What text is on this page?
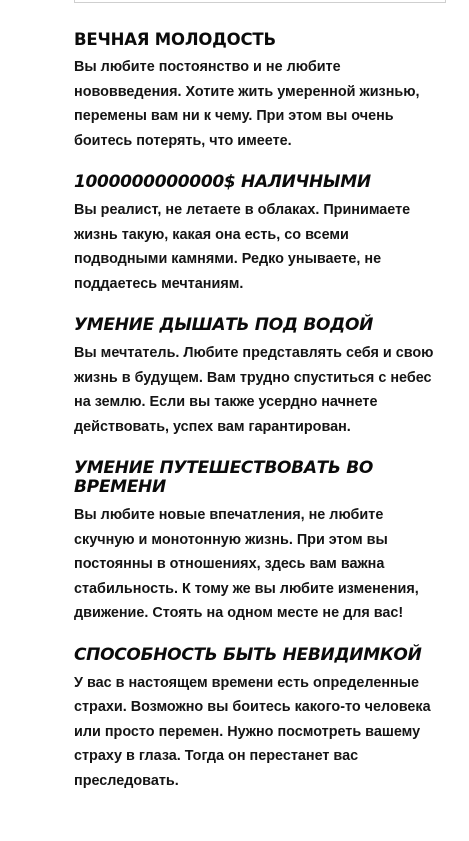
ВЕЧНАЯ МОЛОДОСТЬ

Вы любите постоянство и не любите нововведения. Хотите жить умеренной жизнью, перемены вам ни к чему. При этом вы очень боитесь потерять, что имеете.

1000000000000$ НАЛИЧНЫМИ

Вы реалист, не летаете в облаках. Принимаете жизнь такую, какая она есть, со всеми подводными камнями. Редко унываете, не поддаетесь мечтаниям.

УМЕНИЕ ДЫШАТЬ ПОД ВОДОЙ

Вы мечтатель. Любите представлять себя и свою жизнь в будущем. Вам трудно спуститься с небес на землю. Если вы также усердно начнете действовать, успех вам гарантирован.

УМЕНИЕ ПУТЕШЕСТВОВАТЬ ВО ВРЕМЕНИ

Вы любите новые впечатления, не любите скучную и монотонную жизнь. При этом вы постоянны в отношениях, здесь вам важна стабильность. К тому же вы любите изменения, движение. Стоять на одном месте не для вас!

СПОСОБНОСТЬ БЫТЬ НЕВИДИМКОЙ

У вас в настоящем времени есть определенные страхи. Возможно вы боитесь какого-то человека или просто перемен. Нужно посмотреть вашему страху в глаза. Тогда он перестанет вас преследовать.
